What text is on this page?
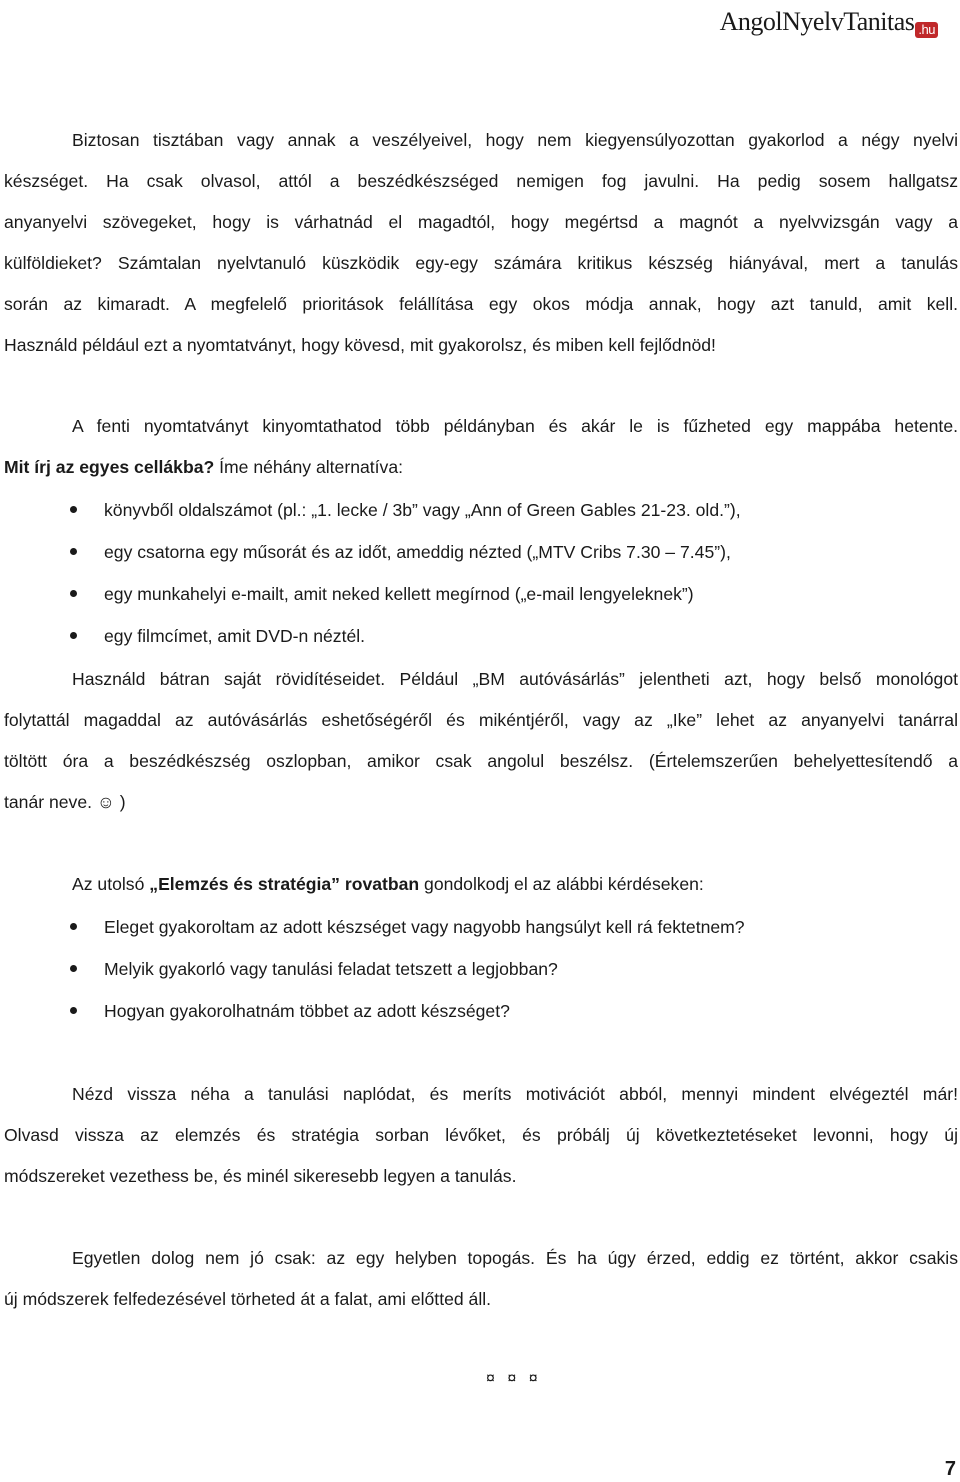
AngolNyelvTanitas .hu
Biztosan tisztában vagy annak a veszélyeivel, hogy nem kiegyensúlyozottan gyakorlod a négy nyelvi
készséget. Ha csak olvasol, attól a beszédkészséged nemigen fog javulni. Ha pedig sosem hallgatsz
anyanyelvi szövegeket, hogy is várhatnád el magadtól, hogy megértsd a magnót a nyelvvizsgán vagy a
külföldieket? Számtalan nyelvtanuló küszködik egy-egy számára kritikus készség hiányával, mert a tanulás
során az kimaradt. A megfelelő prioritások felállítása egy okos módja annak, hogy azt tanuld, amit kell.
Használd például ezt a nyomtatványt, hogy kövesd, mit gyakorolsz, és miben kell fejlődnöd!
A fenti nyomtatványt kinyomtathatod több példányban és akár le is fűzheted egy mappába hetente.
Mit írj az egyes cellákba? Íme néhány alternatíva:
könyvből oldalszámot (pl.: „1. lecke / 3b” vagy „Ann of Green Gables 21-23. old.”),
egy csatorna egy műsorát és az időt, ameddig nézted („MTV Cribs 7.30 – 7.45”),
egy munkahelyi e-mailt, amit neked kellett megírnod („e-mail lengyeleknek”)
egy filmcímet, amit DVD-n néztél.
Használd bátran saját rövidítéseidet. Például „BM autóvásárlás” jelentheti azt, hogy belső monológot
folytattál magaddal az autóvásárlás eshetőségéről és mikéntjéről, vagy az „Ike” lehet az anyanyelvi tanárral
töltött óra a beszédkészség oszlopban, amikor csak angolul beszélsz. (Értelemszerűen behelyettesítendő a
tanár neve. ☺ )
Az utolsó „Elemzés és stratégia” rovatban gondolkodj el az alábbi kérdéseken:
Eleget gyakoroltam az adott készséget vagy nagyobb hangsúlyt kell rá fektetnem?
Melyik gyakorló vagy tanulási feladat tetszett a legjobban?
Hogyan gyakorolhatnám többet az adott készséget?
Nézd vissza néha a tanulási naplódat, és meríts motivációt abból, mennyi mindent elvégeztél már!
Olvasd vissza az elemzés és stratégia sorban lévőket, és próbálj új következtetéseket levonni, hogy új
módszereket vezethess be, és minél sikeresebb legyen a tanulás.
Egyetlen dolog nem jó csak: az egy helyben topogás. És ha úgy érzed, eddig ez történt, akkor csakis
új módszerek felfedezésével törheted át a falat, ami előtted áll.
¤ ¤ ¤
7
